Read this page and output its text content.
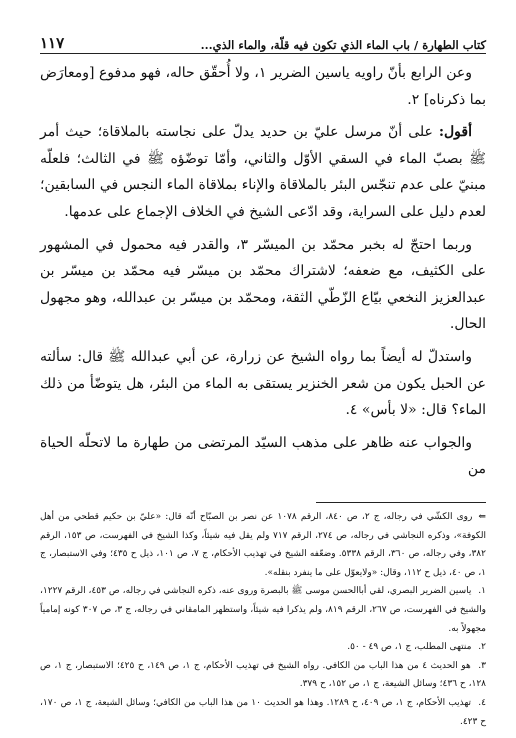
كتاب الطهارة / باب الماء الذي تكون فيه قلّة، والماء الذي...
١١٧

وعن الرابع بأنّ راويه ياسين الضرير ١، ولا أُحقّق حاله، فهو مدفوع [ومعارَض بما ذكرناه] ٢.

أقول: على أنّ مرسل عليّ بن حديد يدلّ على نجاسته بالملاقاة؛ حيث أمر ﷺ بصبّ الماء في السقي الأوّل والثاني، وأمّا توضّؤه ﷺ في الثالث؛ فلعلّه مبنيّ على عدم تنجّس البئر بالملاقاة والإناء بملاقاة الماء النجس في السابقين؛ لعدم دليل على السراية، وقد ادّعى الشيخ في الخلاف الإجماع على عدمها.

وربما احتجّ له بخبر محمّد بن الميسّر ٣، والقدر فيه محمول في المشهور على الكثيف، مع ضعفه؛ لاشتراك محمّد بن ميسّر فيه محمّد بن ميسّر بن عبدالعزيز النخعي بيّاع الزّطّي الثقة، ومحمّد بن ميسّر بن عبدالله، وهو مجهول الحال.

واستدلّ له أيضاً بما رواه الشيخ عن زرارة، عن أبي عبدالله ﷺ قال: سألته عن الحبل يكون من شعر الخنزير يستقى به الماء من البئر، هل يتوضّأ من ذلك الماء؟ قال: «لا بأس» ٤.

والجواب عنه ظاهر على مذهب السيّد المرتضى من طهارة ما لاتحلّه الحياة من

⇐ روى الكشّي في رجاله، ج ٢، ص ٨٤٠، الرقم ١٠٧٨ عن نصر بن الصبّاح أنّه قال: «عليّ بن حكيم قطحي من أهل الكوفة»، وذكره النجاشي في رجاله، ص ٢٧٤، الرقم ٧١٧ ولم يقل فيه شيئاً، وكذا الشيخ في الفهرست، ص ١٥٣، الرقم ٣٨٢، وفي رجاله، ص ٣٦٠، الرقم ٥٣٣٨. وضعّفه الشيخ في تهذيب الأحكام، ج ٧، ص ١٠١، ذيل ح ٤٣٥؛ وفي الاستبصار، ج ١، ص ٤٠، ذيل ح ١١٢، وقال: «ولايعوّل على ما ينفرد بنقله».

١. ياسين الضرير البصري، لقي أباالحسن موسى ﷺ بالبصرة وروى عنه، ذكره النجاشي في رجاله، ص ٤٥٣، الرقم ١٢٢٧، والشيخ في الفهرست، ص ٢٦٧، الرقم ٨١٩، ولم يذكرا فيه شيئاً، واستظهر المامقاني في رجاله، ج ٣، ص ٣٠٧ كونه إمامياً مجهولاً به.

٢. منتهى المطلب، ج ١، ص ٤٩ - ٥٠.

٣. هو الحديث ٤ من هذا الباب من الكافي. رواه الشيخ في تهذيب الأحكام، ج ١، ص ١٤٩، ح ٤٢٥؛ الاستبصار، ج ١، ص ١٢٨، ح ٤٣٦؛ وسائل الشيعة، ج ١، ص ١٥٢، ح ٣٧٩.

٤. تهذيب الأحكام، ج ١، ص ٤٠٩، ح ١٢٨٩. وهذا هو الحديث ١٠ من هذا الباب من الكافي؛ وسائل الشيعة، ج ١، ص ١٧٠، ح ٤٢٣.
